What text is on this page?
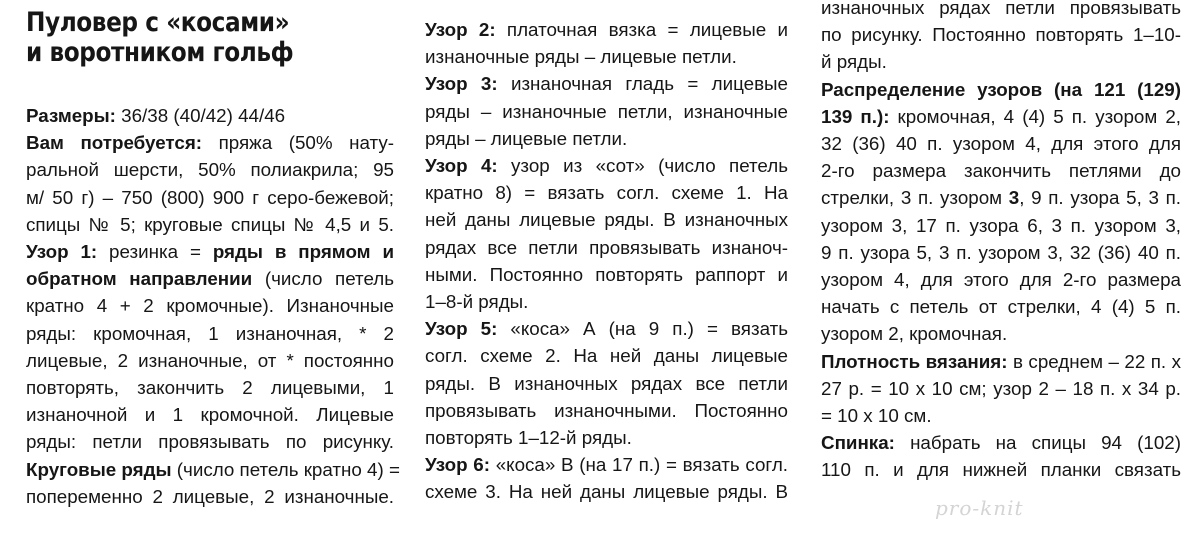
Пуловер с «косами»
и воротником гольф
Размеры: 36/38 (40/42) 44/46
Вам потребуется: пряжа (50% нату-
ральной шерсти, 50% полиакрила; 95
м/ 50 г) – 750 (800) 900 г серо-бежевой;
спицы № 5; круговые спицы № 4,5 и 5.
Узор 1: резинка = ряды в прямом и
обратном направлении (число петель
кратно 4 + 2 кромочные). Изнаночные
ряды: кромочная, 1 изнаночная, * 2
лицевые, 2 изнаночные, от * постоянно
повторять, закончить 2 лицевыми, 1
изнаночной и 1 кромочной. Лицевые
ряды: петли провязывать по рисунку.
Круговые ряды (число петель кратно 4) =
попеременно 2 лицевые, 2 изнаночные.
Узор 2: платочная вязка = лицевые и
изнаночные ряды – лицевые петли.
Узор 3: изнаночная гладь = лицевые
ряды – изнаночные петли, изнаночные
ряды – лицевые петли.
Узор 4: узор из «сот» (число петель
кратно 8) = вязать согл. схеме 1. На
ней даны лицевые ряды. В изнаночных
рядах все петли провязывать изнаноч-
ными. Постоянно повторять раппорт и
1–8-й ряды.
Узор 5: «коса» А (на 9 п.) = вязать
согл. схеме 2. На ней даны лицевые
ряды. В изнаночных рядах все петли
провязывать изнаночными. Постоянно
повторять 1–12-й ряды.
Узор 6: «коса» В (на 17 п.) = вязать согл.
схеме 3. На ней даны лицевые ряды. В
изнаночных рядах петли провязывать
по рисунку. Постоянно повторять 1–10-
й ряды.
Распределение узоров (на 121 (129)
139 п.): кромочная, 4 (4) 5 п. узором 2,
32 (36) 40 п. узором 4, для этого для
2-го размера закончить петлями до
стрелки, 3 п. узором 3, 9 п. узора 5, 3 п.
узором 3, 17 п. узора 6, 3 п. узором 3,
9 п. узора 5, 3 п. узором 3, 32 (36) 40 п.
узором 4, для этого для 2-го размера
начать с петель от стрелки, 4 (4) 5 п.
узором 2, кромочная.
Плотность вязания: в среднем – 22 п. х
27 р. = 10 х 10 см; узор 2 – 18 п. х 34 р.
= 10 х 10 см.
Спинка: набрать на спицы 94 (102)
110 п. и для нижней планки связать
pro-knit
